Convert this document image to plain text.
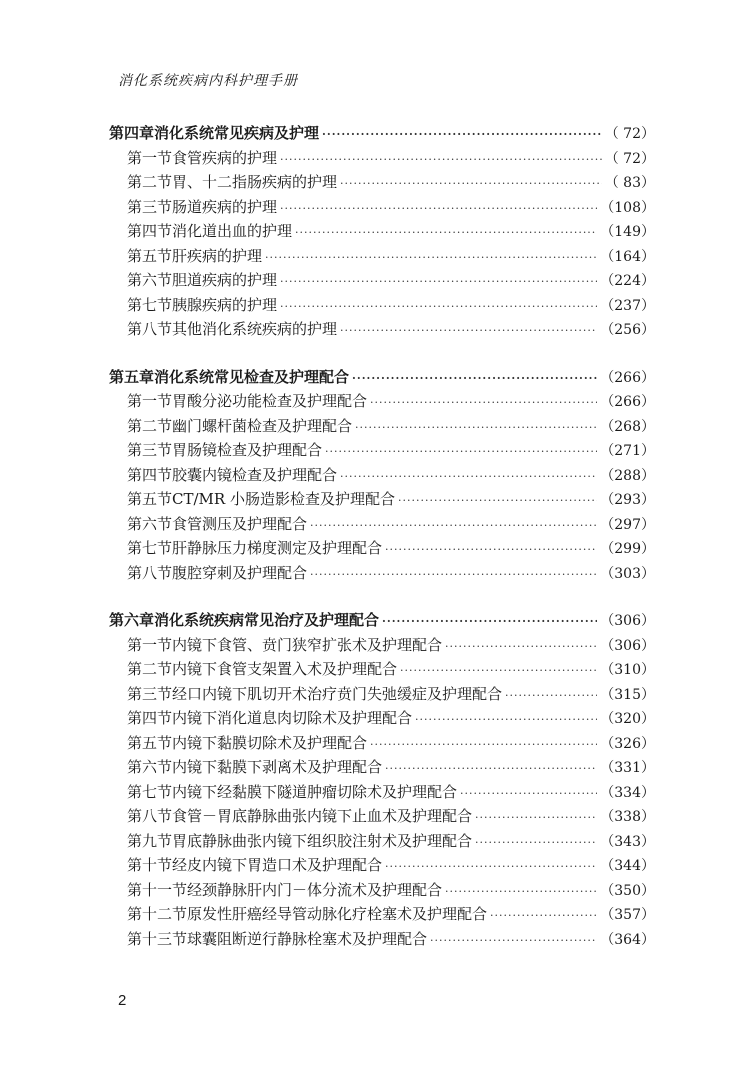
消化系统疾病内科护理手册
第四章 消化系统常见疾病及护理 ·····	（ 72）
第一节 食管疾病的护理 ·····	（ 72）
第二节 胃、十二指肠疾病的护理 ·····	（ 83）
第三节 肠道疾病的护理 ·····	（108）
第四节 消化道出血的护理 ·····	（149）
第五节 肝疾病的护理 ·····	（164）
第六节 胆道疾病的护理 ·····	（224）
第七节 胰腺疾病的护理 ·····	（237）
第八节 其他消化系统疾病的护理 ·····	（256）
第五章 消化系统常见检查及护理配合 ·····	（266）
第一节 胃酸分泌功能检查及护理配合 ·····	（266）
第二节 幽门螺杆菌检查及护理配合 ·····	（268）
第三节 胃肠镜检查及护理配合 ·····	（271）
第四节 胶囊内镜检查及护理配合 ·····	（288）
第五节 CT/MR 小肠造影检查及护理配合 ·····	（293）
第六节 食管测压及护理配合 ·····	（297）
第七节 肝静脉压力梯度测定及护理配合 ·····	（299）
第八节 腹腔穿刺及护理配合 ·····	（303）
第六章 消化系统疾病常见治疗及护理配合 ·····	（306）
第一节 内镜下食管、贲门狭窄扩张术及护理配合 ·····	（306）
第二节 内镜下食管支架置入术及护理配合 ·····	（310）
第三节 经口内镜下肌切开术治疗贲门失弛缓症及护理配合 ·····	（315）
第四节 内镜下消化道息肉切除术及护理配合 ·····	（320）
第五节 内镜下黏膜切除术及护理配合 ·····	（326）
第六节 内镜下黏膜下剥离术及护理配合 ·····	（331）
第七节 内镜下经黏膜下隧道肿瘤切除术及护理配合 ·····	（334）
第八节 食管－胃底静脉曲张内镜下止血术及护理配合 ·····	（338）
第九节 胃底静脉曲张内镜下组织胶注射术及护理配合 ·····	（343）
第十节 经皮内镜下胃造口术及护理配合 ·····	（344）
第十一节 经颈静脉肝内门－体分流术及护理配合 ·····	（350）
第十二节 原发性肝癌经导管动脉化疗栓塞术及护理配合 ·····	（357）
第十三节 球囊阻断逆行静脉栓塞术及护理配合 ·····	（364）
2
